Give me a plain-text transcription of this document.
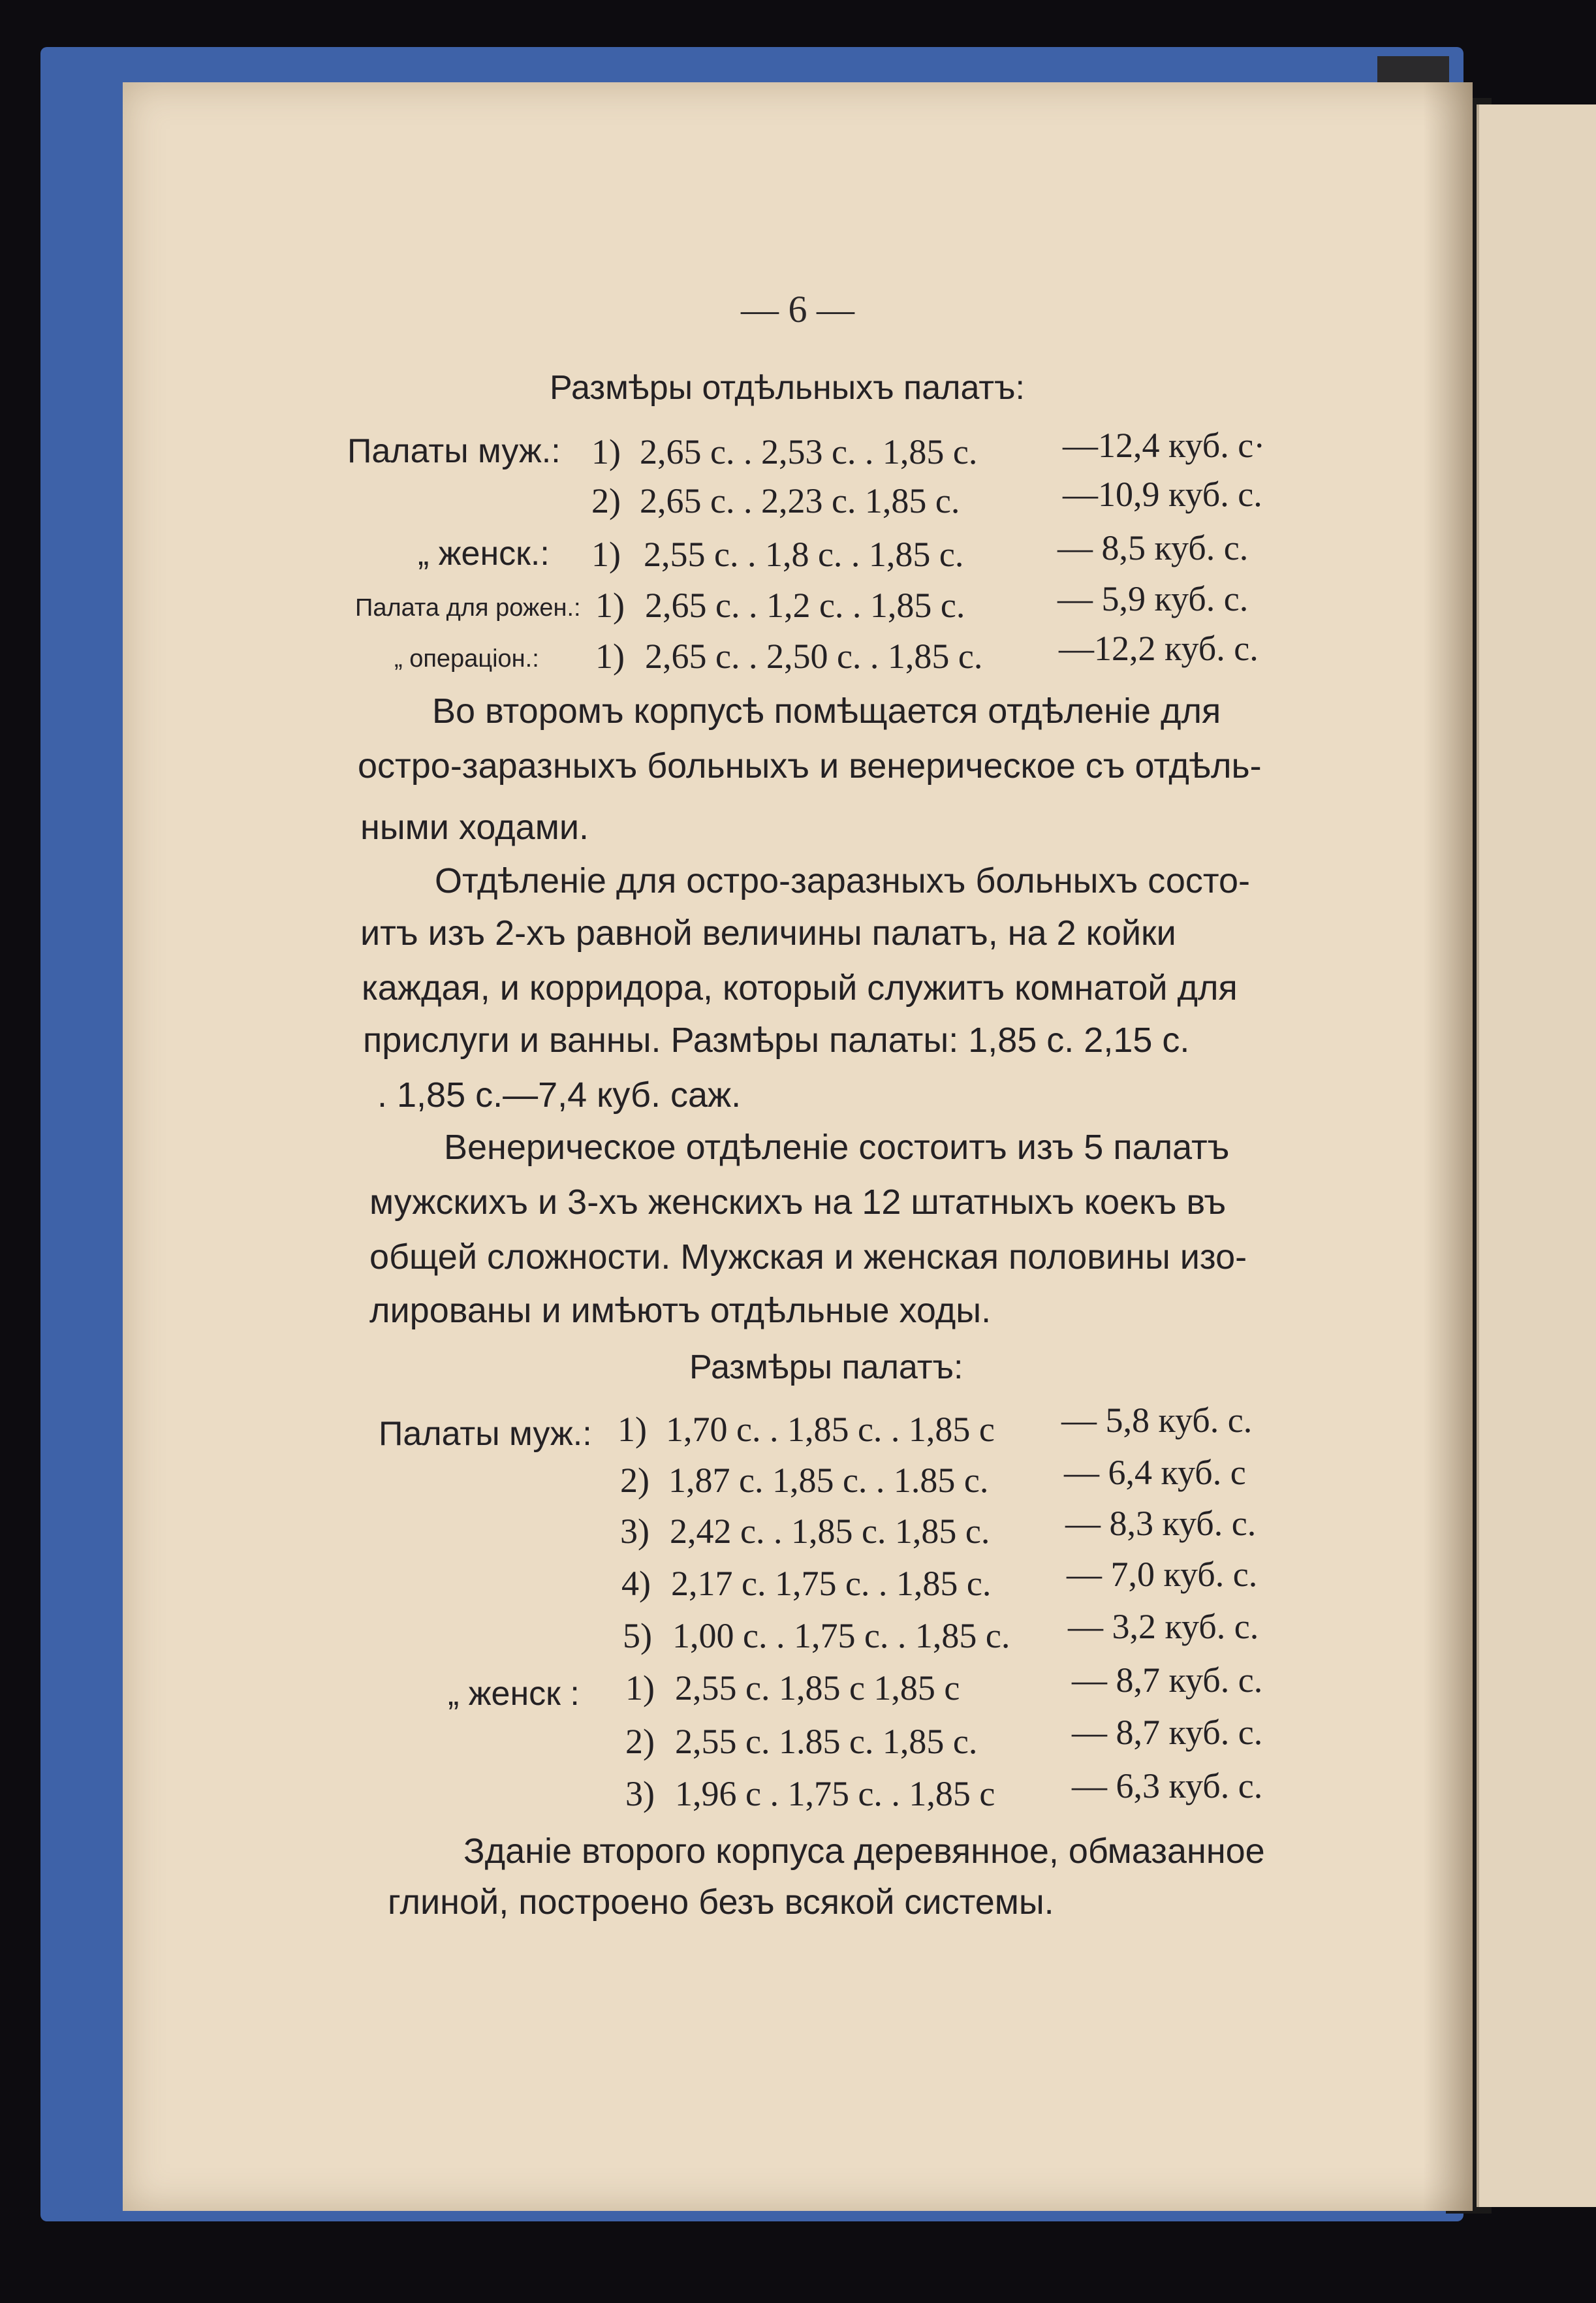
— 6 —
Размѣры отдѣльныхъ палатъ:
Палаты муж.: 1) 2,65 с. . 2,53 с. . 1,85 с. —12,4 куб. с·
2) 2,65 с. . 2,23 с. 1,85 с.	—10,9 куб. с.
„ женск.: 1) 2,55 с. . 1,8 с. . 1,85 с.	— 8,5 куб. с.
Палата для рожен.: 1) 2,65 с. . 1,2 с. . 1,85 с.	— 5,9 куб. с.
„ операціон.: 1) 2,65 с. . 2,50 с. . 1,85 с. —12,2 куб. с.
Во второмъ корпусѣ помѣщается отдѣленіе для
остро-заразныхъ больныхъ и венерическое съ отдѣль-
ными ходами.
Отдѣленіе для остро-заразныхъ больныхъ состо-
итъ изъ 2-хъ равной величины палатъ, на 2 койки
каждая, и корридора, который служитъ комнатой для
прислуги и ванны. Размѣры палаты: 1,85 с. 2,15 с.
. 1,85 с.—7,4 куб. саж.
Венерическое отдѣленіе состоитъ изъ 5 палатъ
мужскихъ и 3-хъ женскихъ на 12 штатныхъ коекъ въ
общей сложности. Мужская и женская половины изо-
лированы и имѣютъ отдѣльные ходы.
Размѣры палатъ:
Палаты муж.: 1) 1,70 с. . 1,85 с. . 1,85 с — 5,8 куб. с.
2) 1,87 с. 1,85 с. . 1.85 с. — 6,4 куб. с
3) 2,42 с. . 1,85 с. 1,85 с. — 8,3 куб. с.
4) 2,17 с. 1,75 с. . 1,85 с. — 7,0 куб. с.
5) 1,00 с. . 1,75 с. . 1,85 с. — 3,2 куб. с.
„ женск : 1) 2,55 с. 1,85 с 1,85 с	— 8,7 куб. с.
2) 2,55 с. 1.85 с. 1,85 с.	— 8,7 куб. с.
3) 1,96 с . 1,75 с. . 1,85 с — 6,3 куб. с.
Зданіе второго корпуса деревянное, обмазанное
глиной, построено безъ всякой системы.
